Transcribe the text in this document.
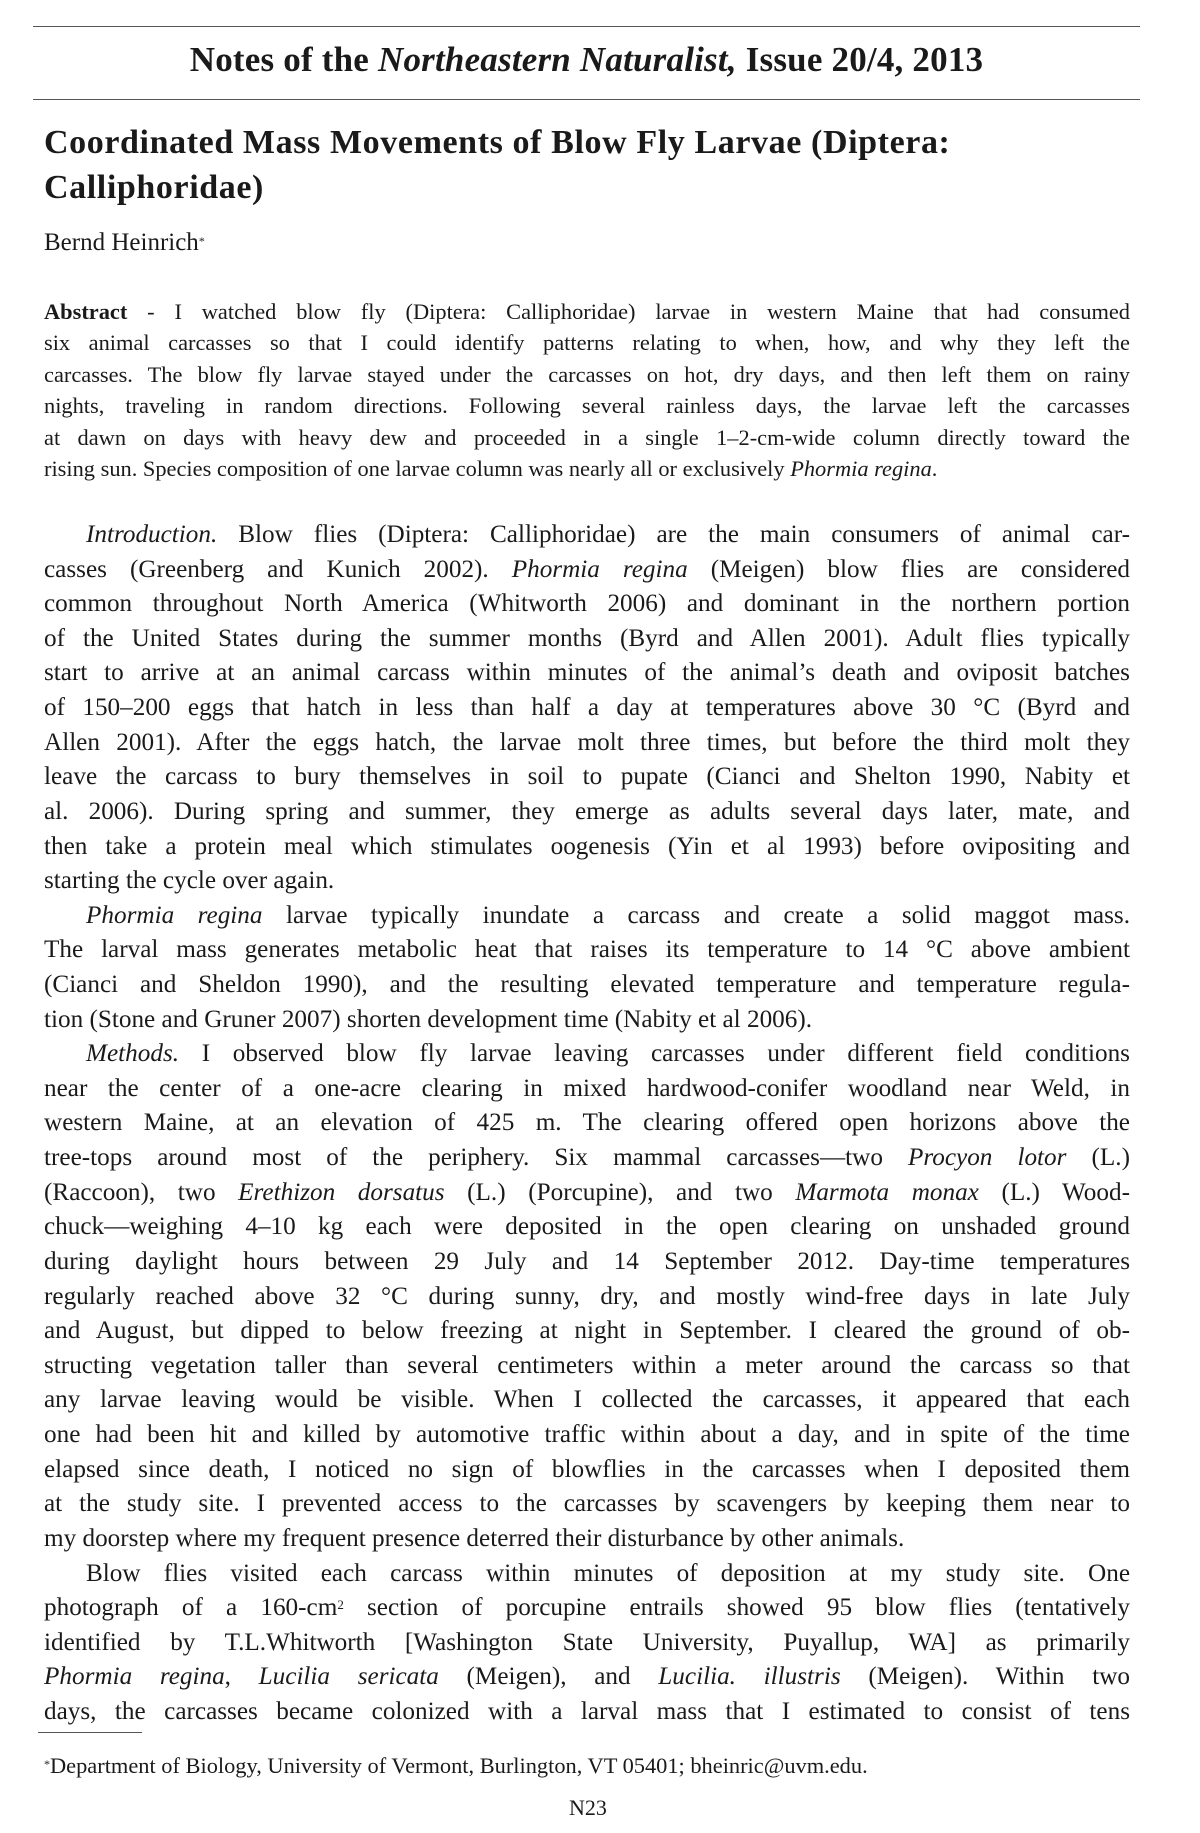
Notes of the Northeastern Naturalist, Issue 20/4, 2013
Coordinated Mass Movements of Blow Fly Larvae (Diptera:
Calliphoridae)
Bernd Heinrich*
Abstract - I watched blow fly (Diptera: Calliphoridae) larvae in western Maine that had consumed
six animal carcasses so that I could identify patterns relating to when, how, and why they left the
carcasses. The blow fly larvae stayed under the carcasses on hot, dry days, and then left them on rainy
nights, traveling in random directions. Following several rainless days, the larvae left the carcasses
at dawn on days with heavy dew and proceeded in a single 1–2-cm-wide column directly toward the
rising sun. Species composition of one larvae column was nearly all or exclusively Phormia regina.
Introduction. Blow flies (Diptera: Calliphoridae) are the main consumers of animal car-
casses (Greenberg and Kunich 2002). Phormia regina (Meigen) blow flies are considered
common throughout North America (Whitworth 2006) and dominant in the northern portion
of the United States during the summer months (Byrd and Allen 2001). Adult flies typically
start to arrive at an animal carcass within minutes of the animal’s death and oviposit batches
of 150–200 eggs that hatch in less than half a day at temperatures above 30 °C (Byrd and
Allen 2001). After the eggs hatch, the larvae molt three times, but before the third molt they
leave the carcass to bury themselves in soil to pupate (Cianci and Shelton 1990, Nabity et
al. 2006). During spring and summer, they emerge as adults several days later, mate, and
then take a protein meal which stimulates oogenesis (Yin et al 1993) before ovipositing and
starting the cycle over again.
Phormia regina larvae typically inundate a carcass and create a solid maggot mass.
The larval mass generates metabolic heat that raises its temperature to 14 °C above ambient
(Cianci and Sheldon 1990), and the resulting elevated temperature and temperature regula-
tion (Stone and Gruner 2007) shorten development time (Nabity et al 2006).
Methods. I observed blow fly larvae leaving carcasses under different field conditions
near the center of a one-acre clearing in mixed hardwood-conifer woodland near Weld, in
western Maine, at an elevation of 425 m. The clearing offered open horizons above the
tree-tops around most of the periphery. Six mammal carcasses—two Procyon lotor (L.)
(Raccoon), two Erethizon dorsatus (L.) (Porcupine), and two Marmota monax (L.) Wood-
chuck—weighing 4–10 kg each were deposited in the open clearing on unshaded ground
during daylight hours between 29 July and 14 September 2012. Day-time temperatures
regularly reached above 32 °C during sunny, dry, and mostly wind-free days in late July
and August, but dipped to below freezing at night in September. I cleared the ground of ob-
structing vegetation taller than several centimeters within a meter around the carcass so that
any larvae leaving would be visible. When I collected the carcasses, it appeared that each
one had been hit and killed by automotive traffic within about a day, and in spite of the time
elapsed since death, I noticed no sign of blowflies in the carcasses when I deposited them
at the study site. I prevented access to the carcasses by scavengers by keeping them near to
my doorstep where my frequent presence deterred their disturbance by other animals.
Blow flies visited each carcass within minutes of deposition at my study site. One
photograph of a $160-cm^2$ section of porcupine entrails showed 95 blow flies (tentatively
identified by T.L.Whitworth [Washington State University, Puyallup, WA] as primarily
Phormia regina, Lucilia sericata (Meigen), and Lucilia. illustris (Meigen). Within two
days, the carcasses became colonized with a larval mass that I estimated to consist of tens
*Department of Biology, University of Vermont, Burlington, VT 05401; bheinric@uvm.edu.
N23
